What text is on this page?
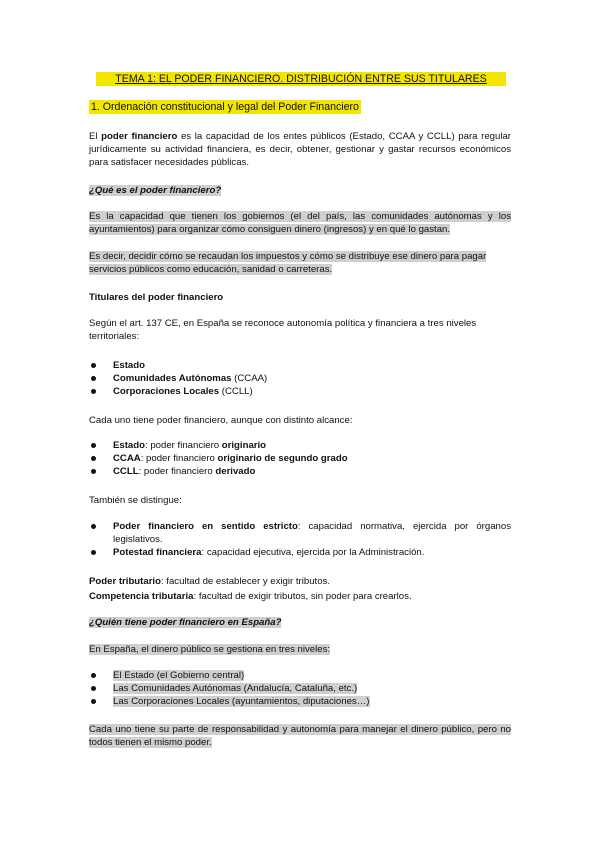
TEMA 1: EL PODER FINANCIERO. DISTRIBUCIÓN ENTRE SUS TITULARES
1. Ordenación constitucional y legal del Poder Financiero
El poder financiero es la capacidad de los entes públicos (Estado, CCAA y CCLL) para regular jurídicamente su actividad financiera, es decir, obtener, gestionar y gastar recursos económicos para satisfacer necesidades públicas.
¿Qué es el poder financiero?
Es la capacidad que tienen los gobiernos (el del país, las comunidades autónomas y los ayuntamientos) para organizar cómo consiguen dinero (ingresos) y en qué lo gastan.
Es decir, decidir cómo se recaudan los impuestos y cómo se distribuye ese dinero para pagar servicios públicos como educación, sanidad o carreteras.
Titulares del poder financiero
Según el art. 137 CE, en España se reconoce autonomía política y financiera a tres niveles territoriales:
Estado
Comunidades Autónomas (CCAA)
Corporaciones Locales (CCLL)
Cada uno tiene poder financiero, aunque con distinto alcance:
Estado: poder financiero originario
CCAA: poder financiero originario de segundo grado
CCLL: poder financiero derivado
También se distingue:
Poder financiero en sentido estricto: capacidad normativa, ejercida por órganos legislativos.
Potestad financiera: capacidad ejecutiva, ejercida por la Administración.
Poder tributario: facultad de establecer y exigir tributos.
Competencia tributaria: facultad de exigir tributos, sin poder para crearlos.
¿Quién tiene poder financiero en España?
En España, el dinero público se gestiona en tres niveles:
El Estado (el Gobierno central)
Las Comunidades Autónomas (Andalucía, Cataluña, etc.)
Las Corporaciones Locales (ayuntamientos, diputaciones…)
Cada uno tiene su parte de responsabilidad y autonomía para manejar el dinero público, pero no todos tienen el mismo poder.
